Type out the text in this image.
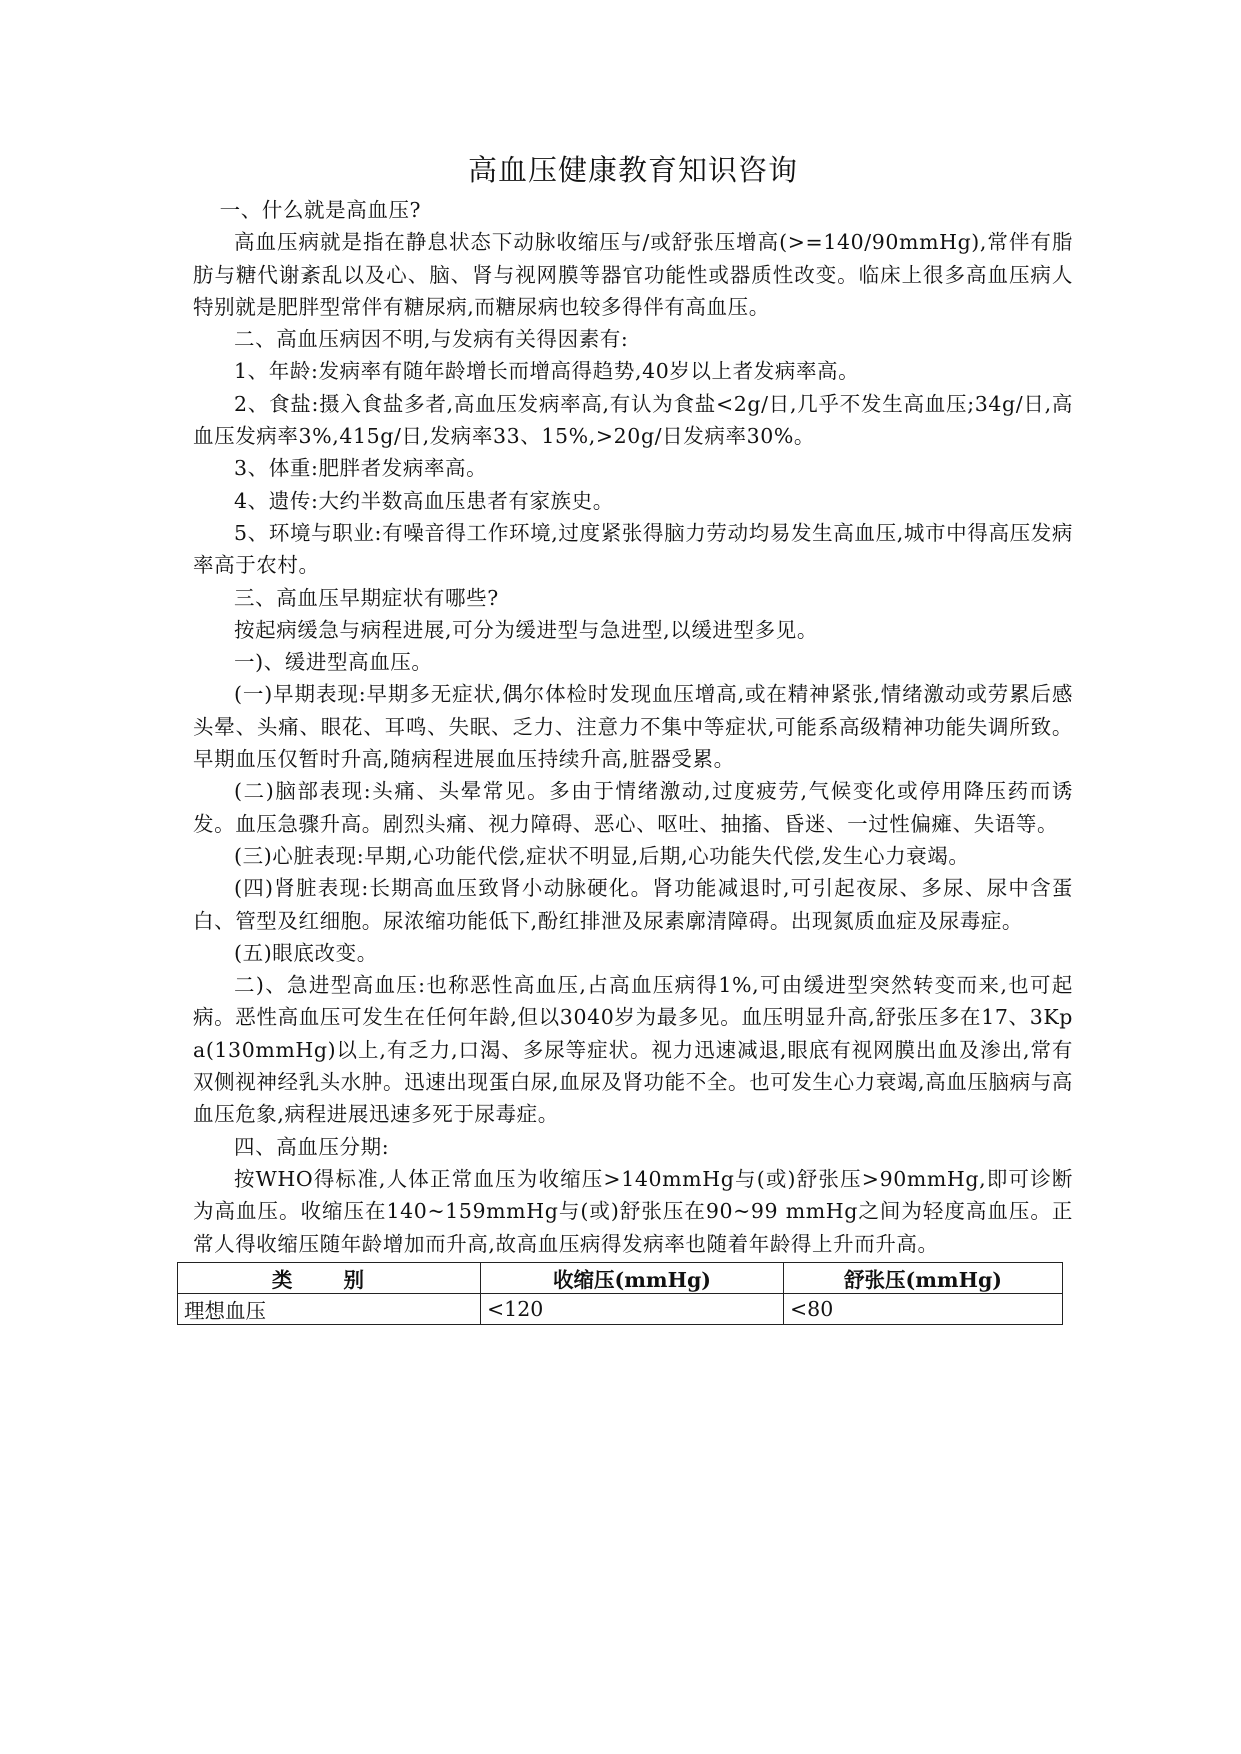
高血压健康教育知识咨询

一、什么就是高血压?

高血压病就是指在静息状态下动脉收缩压与/或舒张压增高(>=140/90mmHg),常伴有脂肪与糖代谢紊乱以及心、脑、肾与视网膜等器官功能性或器质性改变。临床上很多高血压病人特别就是肥胖型常伴有糖尿病,而糖尿病也较多得伴有高血压。

二、高血压病因不明,与发病有关得因素有:

1、年龄:发病率有随年龄增长而增高得趋势,40岁以上者发病率高。

2、食盐:摄入食盐多者,高血压发病率高,有认为食盐<2g/日,几乎不发生高血压;34g/日,高血压发病率3%,415g/日,发病率33、15%,>20g/日发病率30%。

3、体重:肥胖者发病率高。

4、遗传:大约半数高血压患者有家族史。

5、环境与职业:有噪音得工作环境,过度紧张得脑力劳动均易发生高血压,城市中得高压发病率高于农村。

三、高血压早期症状有哪些?

按起病缓急与病程进展,可分为缓进型与急进型,以缓进型多见。

一)、缓进型高血压。

(一)早期表现:早期多无症状,偶尔体检时发现血压增高,或在精神紧张,情绪激动或劳累后感头晕、头痛、眼花、耳鸣、失眠、乏力、注意力不集中等症状,可能系高级精神功能失调所致。早期血压仅暂时升高,随病程进展血压持续升高,脏器受累。

(二)脑部表现:头痛、头晕常见。多由于情绪激动,过度疲劳,气候变化或停用降压药而诱发。血压急骤升高。剧烈头痛、视力障碍、恶心、呕吐、抽搐、昏迷、一过性偏瘫、失语等。

(三)心脏表现:早期,心功能代偿,症状不明显,后期,心功能失代偿,发生心力衰竭。

(四)肾脏表现:长期高血压致肾小动脉硬化。肾功能减退时,可引起夜尿、多尿、尿中含蛋白、管型及红细胞。尿浓缩功能低下,酚红排泄及尿素廓清障碍。出现氮质血症及尿毒症。

(五)眼底改变。

二)、急进型高血压:也称恶性高血压,占高血压病得1%,可由缓进型突然转变而来,也可起病。恶性高血压可发生在任何年龄,但以3040岁为最多见。血压明显升高,舒张压多在17、3Kpa(130mmHg)以上,有乏力,口渴、多尿等症状。视力迅速减退,眼底有视网膜出血及渗出,常有双侧视神经乳头水肿。迅速出现蛋白尿,血尿及肾功能不全。也可发生心力衰竭,高血压脑病与高血压危象,病程进展迅速多死于尿毒症。

四、高血压分期:

按WHO得标准,人体正常血压为收缩压>140mmHg与(或)舒张压>90mmHg,即可诊断为高血压。收缩压在140~159mmHg与(或)舒张压在90~99 mmHg之间为轻度高血压。正常人得收缩压随年龄增加而升高,故高血压病得发病率也随着年龄得上升而升高。

类 别	收缩压(mmHg)	舒张压(mmHg)
理想血压	<120	<80
